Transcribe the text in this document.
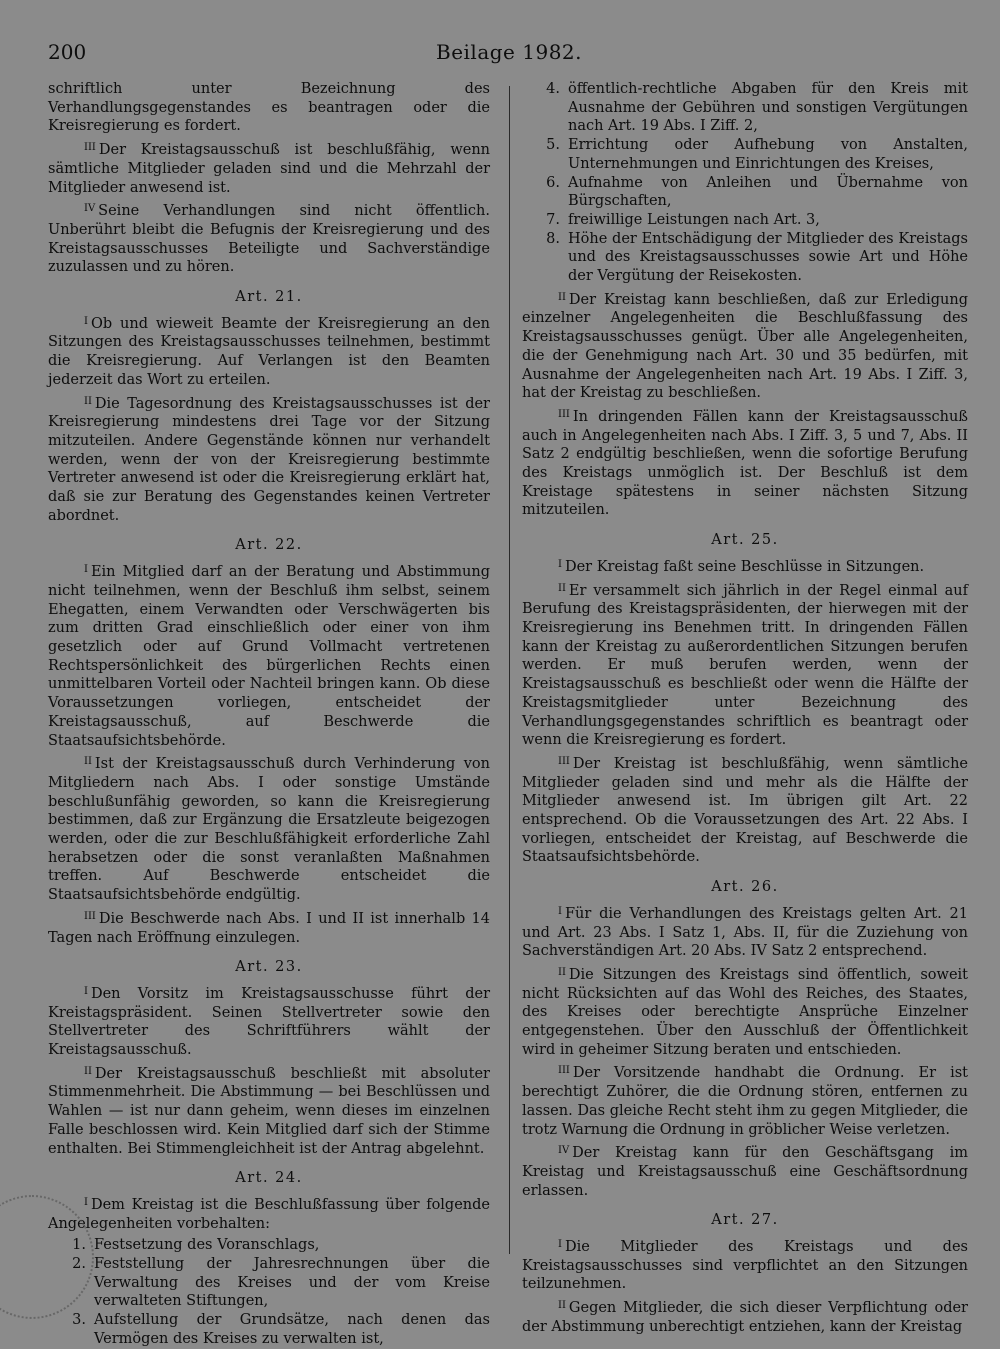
200	Beilage 1982.

schriftlich unter Bezeichnung des Verhandlungsgegenstandes es beantragen oder die Kreisregierung es fordert.

$^{III}$ Der Kreistagsausschuß ist beschlußfähig, wenn sämtliche Mitglieder geladen sind und die Mehrzahl der Mitglieder anwesend ist.

$^{IV}$ Seine Verhandlungen sind nicht öffentlich. Unberührt bleibt die Befugnis der Kreisregierung und des Kreistagsausschusses Beteiligte und Sachverständige zuzulassen und zu hören.

Art. 21.

$^I$ Ob und wieweit Beamte der Kreisregierung an den Sitzungen des Kreistagsausschusses teilnehmen, bestimmt die Kreisregierung. Auf Verlangen ist den Beamten jederzeit das Wort zu erteilen.

$^{II}$ Die Tagesordnung des Kreistagsausschusses ist der Kreisregierung mindestens drei Tage vor der Sitzung mitzuteilen. Andere Gegenstände können nur verhandelt werden, wenn der von der Kreisregierung bestimmte Vertreter anwesend ist oder die Kreisregierung erklärt hat, daß sie zur Beratung des Gegenstandes keinen Vertreter abordnet.

Art. 22.

$^I$ Ein Mitglied darf an der Beratung und Abstimmung nicht teilnehmen, wenn der Beschluß ihm selbst, seinem Ehegatten, einem Verwandten oder Verschwägerten bis zum dritten Grad einschließlich oder einer von ihm gesetzlich oder auf Grund Vollmacht vertretenen Rechtspersönlichkeit des bürgerlichen Rechts einen unmittelbaren Vorteil oder Nachteil bringen kann. Ob diese Voraussetzungen vorliegen, entscheidet der Kreistagsausschuß, auf Beschwerde die Staatsaufsichtsbehörde.

$^{II}$ Ist der Kreistagsausschuß durch Verhinderung von Mitgliedern nach Abs. I oder sonstige Umstände beschlußunfähig geworden, so kann die Kreisregierung bestimmen, daß zur Ergänzung die Ersatzleute beigezogen werden, oder die zur Beschlußfähigkeit erforderliche Zahl herabsetzen oder die sonst veranlaßten Maßnahmen treffen. Auf Beschwerde entscheidet die Staatsaufsichtsbehörde endgültig.

$^{III}$ Die Beschwerde nach Abs. I und II ist innerhalb 14 Tagen nach Eröffnung einzulegen.

Art. 23.

$^I$ Den Vorsitz im Kreistagsausschusse führt der Kreistagspräsident. Seinen Stellvertreter sowie den Stellvertreter des Schriftführers wählt der Kreistagsausschuß.

$^{II}$ Der Kreistagsausschuß beschließt mit absoluter Stimmenmehrheit. Die Abstimmung — bei Beschlüssen und Wahlen — ist nur dann geheim, wenn dieses im einzelnen Falle beschlossen wird. Kein Mitglied darf sich der Stimme enthalten. Bei Stimmengleichheit ist der Antrag abgelehnt.

Art. 24.

$^I$ Dem Kreistag ist die Beschlußfassung über folgende Angelegenheiten vorbehalten:

1. Festsetzung des Voranschlags,
2. Feststellung der Jahresrechnungen über die Verwaltung des Kreises und der vom Kreise verwalteten Stiftungen,
3. Aufstellung der Grundsätze, nach denen das Vermögen des Kreises zu verwalten ist,
4. öffentlich-rechtliche Abgaben für den Kreis mit Ausnahme der Gebühren und sonstigen Vergütungen nach Art. 19 Abs. I Ziff. 2,
5. Errichtung oder Aufhebung von Anstalten, Unternehmungen und Einrichtungen des Kreises,
6. Aufnahme von Anleihen und Übernahme von Bürgschaften,
7. freiwillige Leistungen nach Art. 3,
8. Höhe der Entschädigung der Mitglieder des Kreistags und des Kreistagsausschusses sowie Art und Höhe der Vergütung der Reisekosten.

$^{II}$ Der Kreistag kann beschließen, daß zur Erledigung einzelner Angelegenheiten die Beschlußfassung des Kreistagsausschusses genügt. Über alle Angelegenheiten, die der Genehmigung nach Art. 30 und 35 bedürfen, mit Ausnahme der Angelegenheiten nach Art. 19 Abs. I Ziff. 3, hat der Kreistag zu beschließen.

$^{III}$ In dringenden Fällen kann der Kreistagsausschuß auch in Angelegenheiten nach Abs. I Ziff. 3, 5 und 7, Abs. II Satz 2 endgültig beschließen, wenn die sofortige Berufung des Kreistags unmöglich ist. Der Beschluß ist dem Kreistage spätestens in seiner nächsten Sitzung mitzuteilen.

Art. 25.

$^I$ Der Kreistag faßt seine Beschlüsse in Sitzungen.

$^{II}$ Er versammelt sich jährlich in der Regel einmal auf Berufung des Kreistagspräsidenten, der hierwegen mit der Kreisregierung ins Benehmen tritt. In dringenden Fällen kann der Kreistag zu außerordentlichen Sitzungen berufen werden. Er muß berufen werden, wenn der Kreistagsausschuß es beschließt oder wenn die Hälfte der Kreistagsmitglieder unter Bezeichnung des Verhandlungsgegenstandes schriftlich es beantragt oder wenn die Kreisregierung es fordert.

$^{III}$ Der Kreistag ist beschlußfähig, wenn sämtliche Mitglieder geladen sind und mehr als die Hälfte der Mitglieder anwesend ist. Im übrigen gilt Art. 22 entsprechend. Ob die Voraussetzungen des Art. 22 Abs. I vorliegen, entscheidet der Kreistag, auf Beschwerde die Staatsaufsichtsbehörde.

Art. 26.

$^I$ Für die Verhandlungen des Kreistags gelten Art. 21 und Art. 23 Abs. I Satz 1, Abs. II, für die Zuziehung von Sachverständigen Art. 20 Abs. IV Satz 2 entsprechend.

$^{II}$ Die Sitzungen des Kreistags sind öffentlich, soweit nicht Rücksichten auf das Wohl des Reiches, des Staates, des Kreises oder berechtigte Ansprüche Einzelner entgegenstehen. Über den Ausschluß der Öffentlichkeit wird in geheimer Sitzung beraten und entschieden.

$^{III}$ Der Vorsitzende handhabt die Ordnung. Er ist berechtigt Zuhörer, die die Ordnung stören, entfernen zu lassen. Das gleiche Recht steht ihm zu gegen Mitglieder, die trotz Warnung die Ordnung in gröblicher Weise verletzen.

$^{IV}$ Der Kreistag kann für den Geschäftsgang im Kreistag und Kreistagsausschuß eine Geschäftsordnung erlassen.

Art. 27.

$^I$ Die Mitglieder des Kreistags und des Kreistagsausschusses sind verpflichtet an den Sitzungen teilzunehmen.

$^{II}$ Gegen Mitglieder, die sich dieser Verpflichtung oder der Abstimmung unberechtigt entziehen, kann der Kreistag
